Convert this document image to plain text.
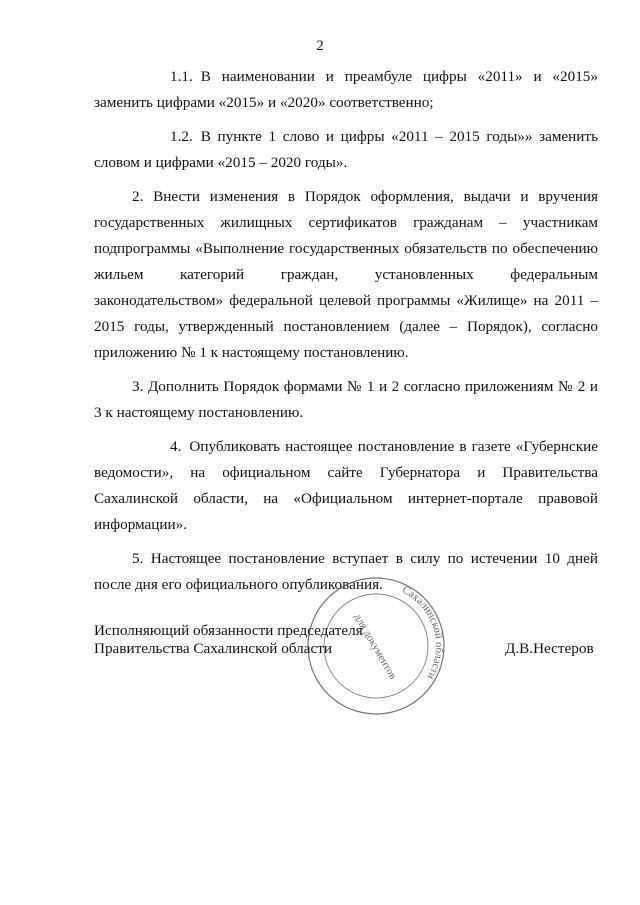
2

1.1. В наименовании и преамбуле цифры «2011» и «2015» заменить цифрами «2015» и «2020» соответственно;

1.2. В пункте 1 слово и цифры «2011 – 2015 годы»» заменить словом и цифрами «2015 – 2020 годы».

2. Внести изменения в Порядок оформления, выдачи и вручения государственных жилищных сертификатов гражданам – участникам подпрограммы «Выполнение государственных обязательств по обеспечению жильем категорий граждан, установленных федеральным законодательством» федеральной целевой программы «Жилище» на 2011 – 2015 годы, утвержденный постановлением (далее – Порядок), согласно приложению № 1 к настоящему постановлению.

3. Дополнить Порядок формами № 1 и 2 согласно приложениям № 2 и 3 к настоящему постановлению.

4. Опубликовать настоящее постановление в газете «Губернские ведомости», на официальном сайте Губернатора и Правительства Сахалинской области, на «Официальном интернет-портале правовой информации».

5. Настоящее постановление вступает в силу по истечении 10 дней после дня его официального опубликования.	Сахалинской области
для документов
Исполняющий обязанности председателя
Правительства Сахалинской области	Д.В.Нестеров
